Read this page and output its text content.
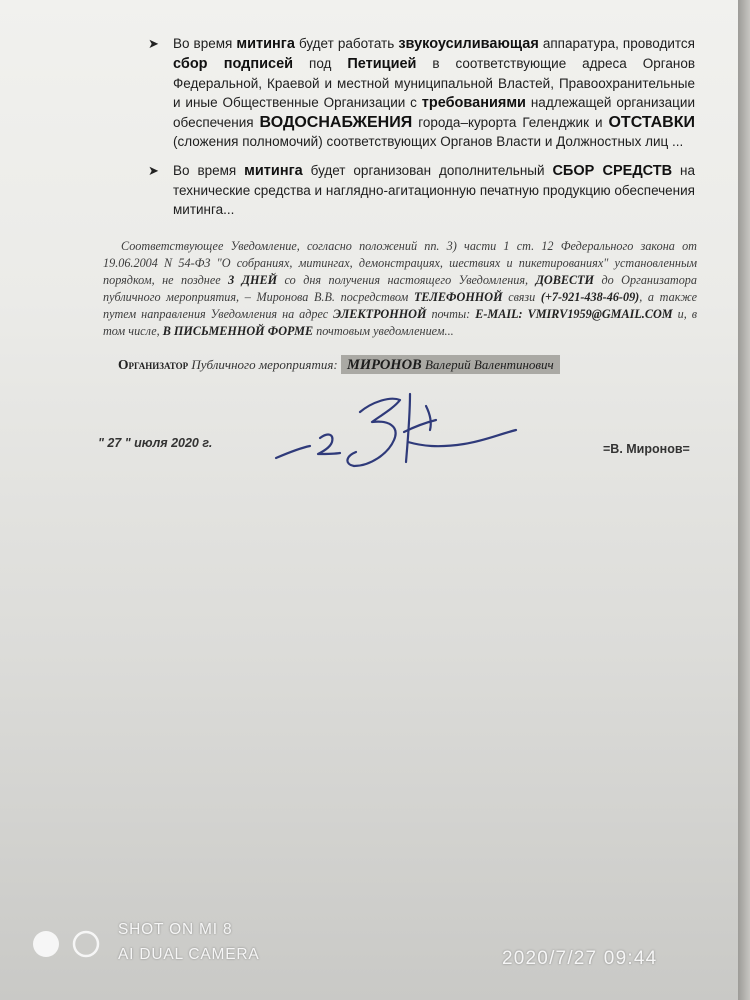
➤ Во время митинга будет работать звукоусиливающая аппаратура, проводится сбор подписей под Петицией в соответствующие адреса Органов Федеральной, Краевой и местной муниципальной Властей, Правоохранительные и иные Общественные Организации с требованиями надлежащей организации обеспечения ВОДОСНАБЖЕНИЯ города–курорта Геленджик и ОТСТАВКИ (сложения полномочий) соответствующих Органов Власти и Должностных лиц ...

➤ Во время митинга будет организован дополнительный СБОР СРЕДСТВ на технические средства и наглядно-агитационную печатную продукцию обеспечения митинга...

Соответствующее Уведомление, согласно положений пп. 3) части 1 ст. 12 Федерального закона от 19.06.2004 N 54-ФЗ "О собраниях, митингах, демонстрациях, шествиях и пикетированиях" установленным порядком, не позднее 3 ДНЕЙ со дня получения настоящего Уведомления, ДОВЕСТИ до Организатора публичного мероприятия, – Миронова В.В. посредством ТЕЛЕФОННОЙ связи (+7-921-438-46-09), а также путем направления Уведомления на адрес ЭЛЕКТРОННОЙ почты: E-MAIL: VMIRV1959@GMAIL.COM и, в том числе, В ПИСЬМЕННОЙ ФОРМЕ почтовым уведомлением...

Организатор Публичного мероприятия: МИРОНОВ Валерий Валентинович

" 27 " июля 2020 г.	=В. Миронов=
SHOT ON MI 8
AI DUAL CAMERA	2020/7/27 09:44
